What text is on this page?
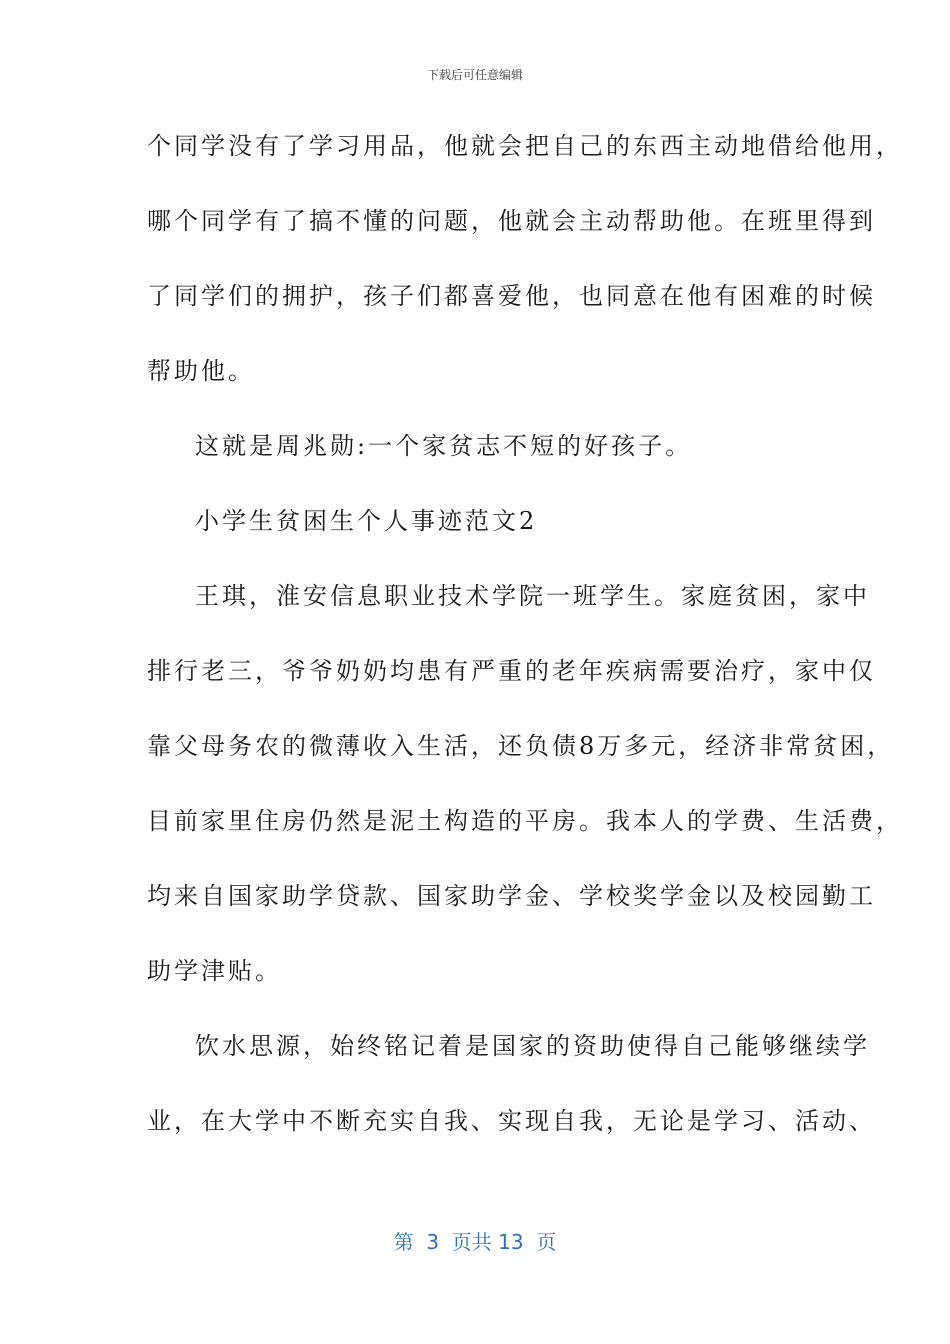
下载后可任意编辑
个同学没有了学习用品，他就会把自己的东西主动地借给他用，
哪个同学有了搞不懂的问题，他就会主动帮助他。在班里得到
了同学们的拥护，孩子们都喜爱他，也同意在他有困难的时候
帮助他。
这就是周兆勋:一个家贫志不短的好孩子。
小学生贫困生个人事迹范文2
王琪，淮安信息职业技术学院一班学生。家庭贫困，家中
排行老三，爷爷奶奶均患有严重的老年疾病需要治疗，家中仅
靠父母务农的微薄收入生活，还负债8万多元，经济非常贫困，
目前家里住房仍然是泥土构造的平房。我本人的学费、生活费，
均来自国家助学贷款、国家助学金、学校奖学金以及校园勤工
助学津贴。
饮水思源，始终铭记着是国家的资助使得自己能够继续学
业，在大学中不断充实自我、实现自我，无论是学习、活动、
第  3  页共 13  页
